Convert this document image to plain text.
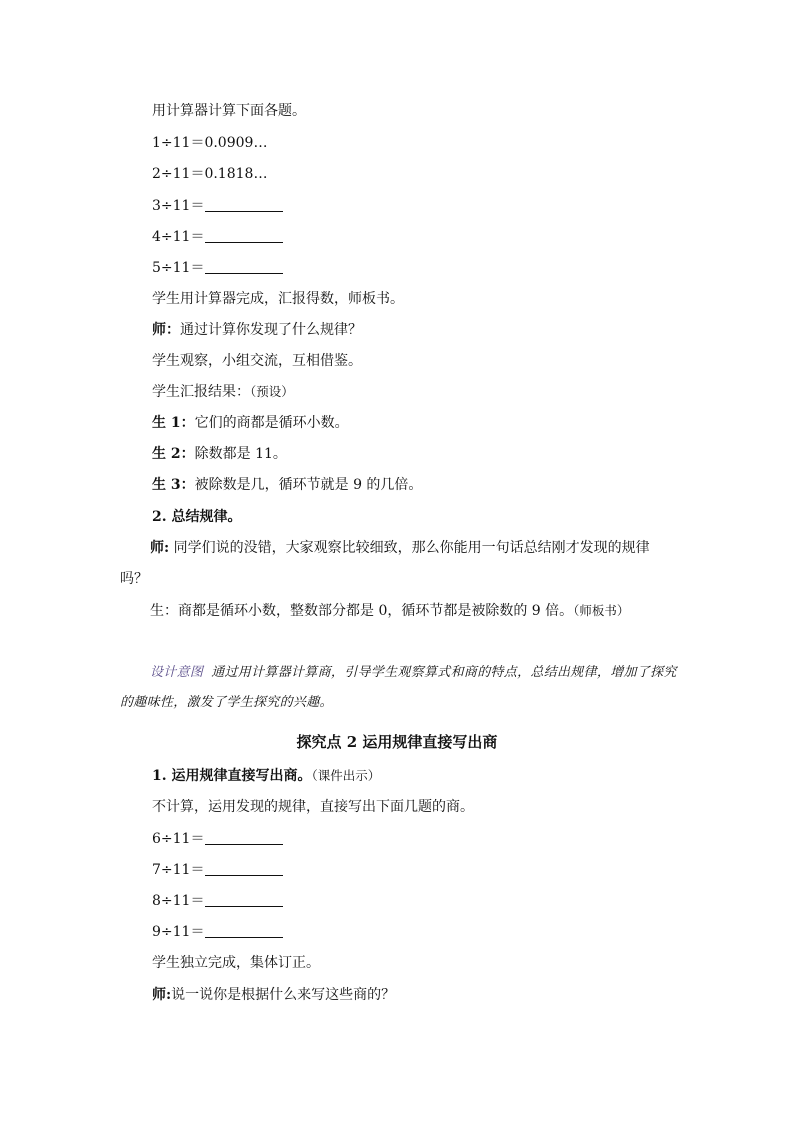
用计算器计算下面各题。
1÷11＝0.0909…
2÷11＝0.1818…
3÷11＝
4÷11＝
5÷11＝
学生用计算器完成，汇报得数，师板书。
师：通过计算你发现了什么规律？
学生观察，小组交流，互相借鉴。
学生汇报结果：（预设）
生 1：它们的商都是循环小数。
生 2：除数都是 11。
生 3：被除数是几，循环节就是 9 的几倍。
2. 总结规律。
师: 同学们说的没错，大家观察比较细致，那么你能用一句话总结刚才发现的规律吗？
生：商都是循环小数，整数部分都是 0，循环节都是被除数的 9 倍。（师板书）
设计意图 通过用计算器计算商，引导学生观察算式和商的特点，总结出规律，增加了探究的趣味性，激发了学生探究的兴趣。
探究点 2 运用规律直接写出商
1. 运用规律直接写出商。（课件出示）
不计算，运用发现的规律，直接写出下面几题的商。
6÷11＝
7÷11＝
8÷11＝
9÷11＝
学生独立完成，集体订正。
师:说一说你是根据什么来写这些商的？
